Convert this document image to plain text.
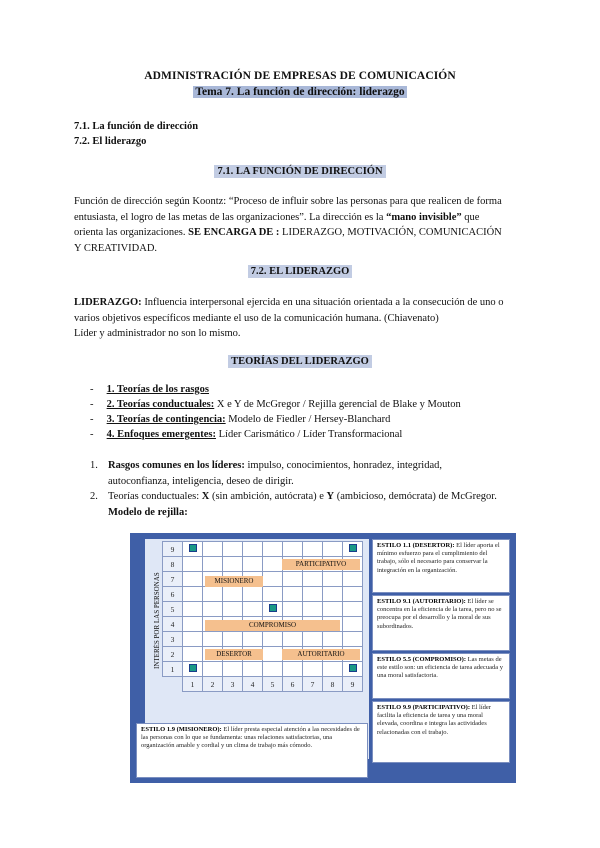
ADMINISTRACIÓN DE EMPRESAS DE COMUNICACIÓN
Tema 7. La función de dirección: liderazgo
7.1. La función de dirección
7.2. El liderazgo
7.1. LA FUNCIÓN DE DIRECCIÓN
Función de dirección según Koontz: “Proceso de influir sobre las personas para que realicen de forma
entusiasta, el logro de las metas de las organizaciones”. La dirección es la “mano invisible” que
orienta las organizaciones. SE ENCARGA DE : LIDERAZGO, MOTIVACIÓN, COMUNICACIÓN
Y CREATIVIDAD.
7.2. EL LIDERAZGO
LIDERAZGO: Influencia interpersonal ejercida en una situación orientada a la consecución de uno o
varios objetivos específicos mediante el uso de la comunicación humana. (Chiavenato)
Líder y administrador no son lo mismo.
TEORÍAS DEL LIDERAZGO
-     1. Teorías de los rasgos
-     2. Teorías conductuales: X e Y de McGregor / Rejilla gerencial de Blake y Mouton
-     3. Teorías de contingencia: Modelo de Fiedler / Hersey-Blanchard
-     4. Enfoques emergentes: Líder Carismático / Líder Transformacional
1. Rasgos comunes en los líderes: impulso, conocimientos, honradez, integridad,
autoconfianza, inteligencia, deseo de dirigir.
2. Teorías conductuales: X (sin ambición, autócrata) e Y (ambicioso, demócrata) de McGregor.
Modelo de rejilla:
INTERÉS POR LAS PERSONAS
9									
8									
7									
6									
5									
4									
3									
2									
1									
	1	2	3	4	5	6	7	8	9
PARTICIPATIVO
MISIONERO
COMPROMISO
DESERTOR	AUTORITARIO
ESTILO 1.1 (DESERTOR): El líder aporta el mínimo esfuerzo para el cumplimiento del trabajo, sólo el necesario para conservar la integración en la organización.
ESTILO 9.1 (AUTORITARIO): El líder se concentra en la eficiencia de la tarea, pero no se preocupa por el desarrollo y la moral de sus subordinados.
ESTILO 5.5 (COMPROMISO): Las metas de este estilo son: un eficiencia de tarea adecuada y una moral satisfactoria.
ESTILO 9.9 (PARTICIPATIVO): El líder facilita la eficiencia de tarea y una moral elevada, coordina e integra las actividades relacionadas con el trabajo.
ESTILO 1.9 (MISIONERO): El líder presta especial atención a las necesidades de las personas con lo que se fundamenta: unas relaciones satisfactorias, una organización amable y cordial y un clima de trabajo más cómodo.
